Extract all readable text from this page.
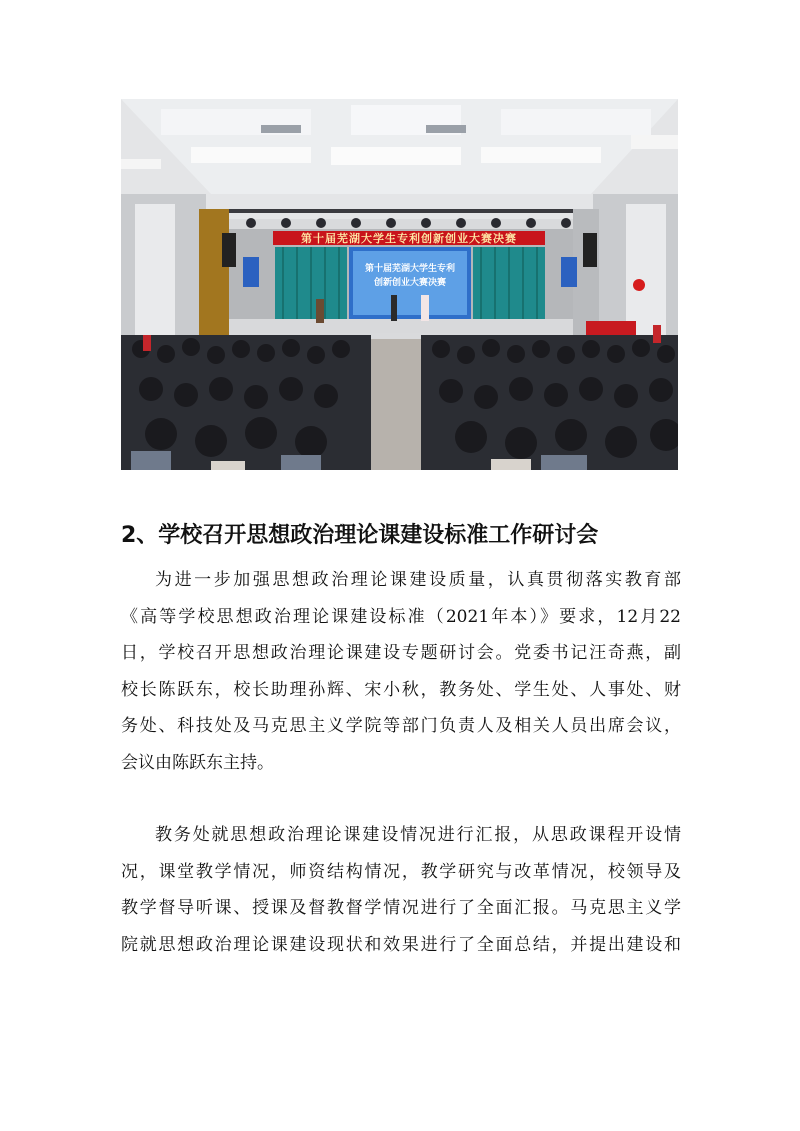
第十届芜湖大学生专利创新创业大赛决赛
第十届芜湖大学生专利
创新创业大赛决赛
2、学校召开思想政治理论课建设标准工作研讨会

为进一步加强思想政治理论课建设质量，认真贯彻落实教育部
《高等学校思想政治理论课建设标准（2021年本）》要求，12月22
日，学校召开思想政治理论课建设专题研讨会。党委书记汪奇燕，副
校长陈跃东，校长助理孙辉、宋小秋，教务处、学生处、人事处、财
务处、科技处及马克思主义学院等部门负责人及相关人员出席会议，
会议由陈跃东主持。

教务处就思想政治理论课建设情况进行汇报，从思政课程开设情
况，课堂教学情况，师资结构情况，教学研究与改革情况，校领导及
教学督导听课、授课及督教督学情况进行了全面汇报。马克思主义学
院就思想政治理论课建设现状和效果进行了全面总结，并提出建设和
